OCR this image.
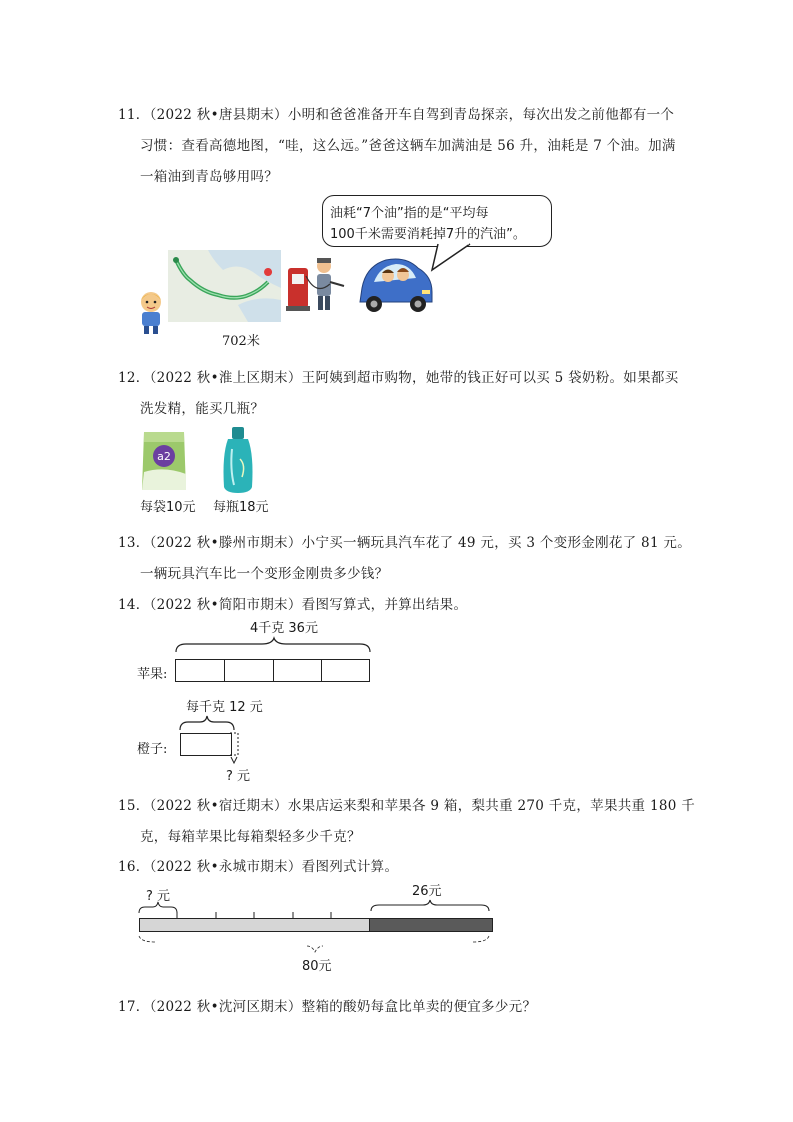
11．（2022 秋•唐县期末）小明和爸爸准备开车自驾到青岛探亲，每次出发之前他都有一个
习惯：查看高德地图，“哇，这么远。”爸爸这辆车加满油是 56 升，油耗是 7 个油。加满
一箱油到青岛够用吗？
702米
油耗“7个油”指的是“平均每
100千米需要消耗掉7升的汽油”。
12．（2022 秋•淮上区期末）王阿姨到超市购物，她带的钱正好可以买 5 袋奶粉。如果都买
洗发精，能买几瓶？
a2
每袋10元 每瓶18元
13．（2022 秋•滕州市期末）小宁买一辆玩具汽车花了 49 元，买 3 个变形金刚花了 81 元。
一辆玩具汽车比一个变形金刚贵多少钱？
14．（2022 秋•简阳市期末）看图写算式，并算出结果。
4千克 36元
苹果:
每千克 12 元
橙子:
? 元
15．（2022 秋•宿迁期末）水果店运来梨和苹果各 9 箱，梨共重 270 千克，苹果共重 180 千
克，每箱苹果比每箱梨轻多少千克？
16．（2022 秋•永城市期末）看图列式计算。
? 元	26元
80元
17．（2022 秋•沈河区期末）整箱的酸奶每盒比单卖的便宜多少元？
